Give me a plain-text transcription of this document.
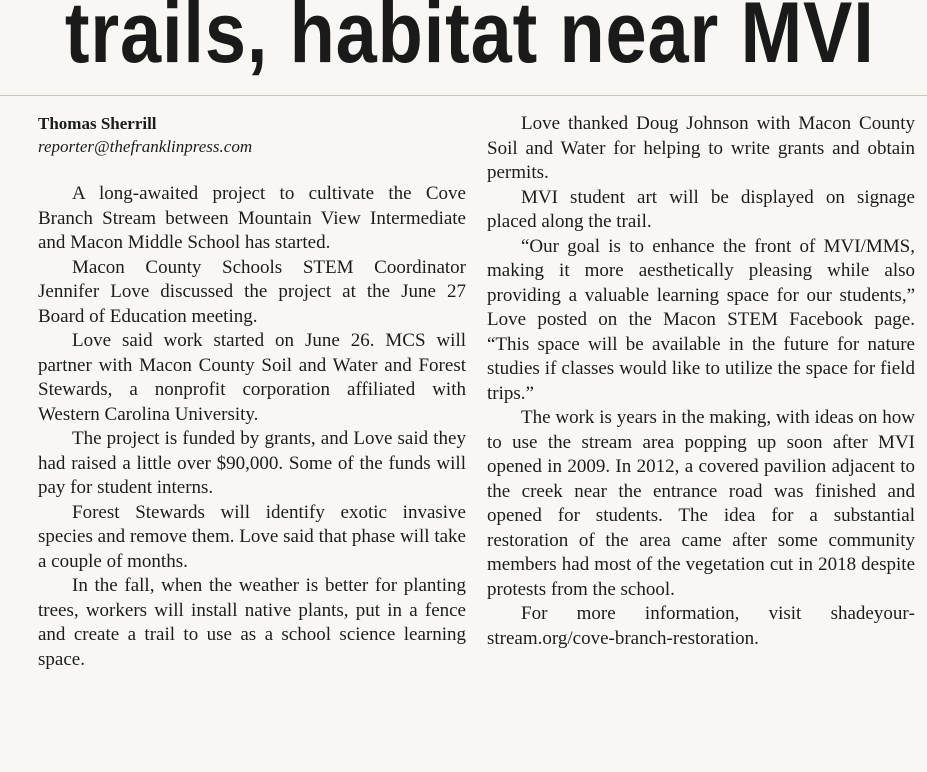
trails, habitat near MVI

Thomas Sherrill

reporter@thefranklinpress.com

A long-awaited project to cultivate the Cove Branch Stream between Mountain View Intermediate and Macon Middle School has started.

Macon County Schools STEM Coordinator Jennifer Love discussed the project at the June 27 Board of Education meeting.

Love said work started on June 26. MCS will partner with Macon County Soil and Water and Forest Stewards, a nonprofit corporation affiliated with Western Carolina University.

The project is funded by grants, and Love said they had raised a little over $90,000. Some of the funds will pay for student interns.

Forest Stewards will identify exotic invasive species and remove them. Love said that phase will take a couple of months.

In the fall, when the weather is better for planting trees, workers will install native plants, put in a fence and create a trail to use as a school science learning space.

Love thanked Doug Johnson with Macon County Soil and Water for helping to write grants and obtain permits.

MVI student art will be displayed on signage placed along the trail.

“Our goal is to enhance the front of MVI/​MMS, making it more aesthetically pleasing while also providing a valuable learning space for our students,” Love posted on the Macon STEM Facebook page. “This space will be available in the future for nature studies if classes would like to utilize the space for field trips.”

The work is years in the making, with ideas on how to use the stream area popping up soon after MVI opened in 2009. In 2012, a covered pavilion adjacent to the creek near the entrance road was finished and opened for students. The idea for a substantial restoration of the area came after some community members had most of the vegetation cut in 2018 despite protests from the school.

For more information, visit shadeyourstream.org/cove-branch-restoration.
